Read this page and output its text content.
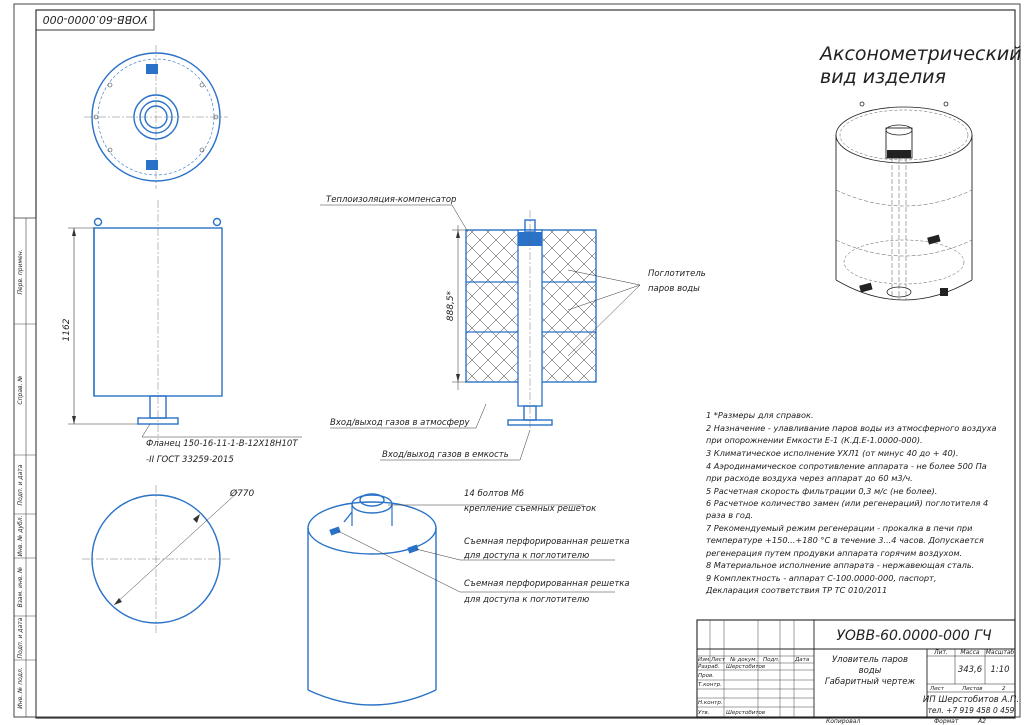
УОВВ-60.0000-000
Перв. примен.
Справ. №
Подп. и дата
Инв. № дубл.
Взам. инв. №
Подп. и дата
Инв. № подл.
1162
Фланец 150-16-11-1-В-12Х18Н10Т
-II ГОСТ 33259-2015
888,5*
Теплоизоляция-компенсатор
Поглотитель
паров воды
Вход/выход газов в атмосферу
Вход/выход газов в емкость
Ø770	14 болтов М6
крепление съемных решеток
Съемная перфорированная решетка
для доступа к поглотителю
Съемная перфорированная решетка
для доступа к поглотителю
Аксонометрический
вид изделия
1 *Размеры для справок.
2 Назначение - улавливание паров воды из атмосферного воздуха
при опорожнении Емкости Е-1 (К.Д.Е-1.0000-000).
3 Климатическое исполнение УХЛ1 (от минус 40 до + 40).
4 Аэродинамическое сопротивление аппарата - не более 500 Па
при расходе воздуха через аппарат до 60 м3/ч.
5 Расчетная скорость фильтрации 0,3 м/с (не более).
6 Расчетное количество замен (или регенераций) поглотителя 4
раза в год.
7 Рекомендуемый режим регенерации - прокалка в печи при
температуре +150...+180 °С в течение 3...4 часов. Допускается
регенерация путем продувки аппарата горячим воздухом.
8 Материальное исполнение аппарата - нержавеющая сталь.
9 Комплектность - аппарат С-100.0000-000, паспорт,
Декларация соответствия ТР ТС 010/2011
Изм. Лист № докум. Подп.	Дата
Разраб. Шерстобитов
Пров.
Т.контр.
Н.контр.
Утв.	Шерстобитов
УОВВ-60.0000-000 ГЧ
Уловитель паров
воды
Габаритный чертеж
Лит. Масса Масштаб
343,6 1:10
Лист	Листов	2
ИП Шерстобитов А.П.
тел. +7 919 458 0 459
Копировал	Формат	А2
